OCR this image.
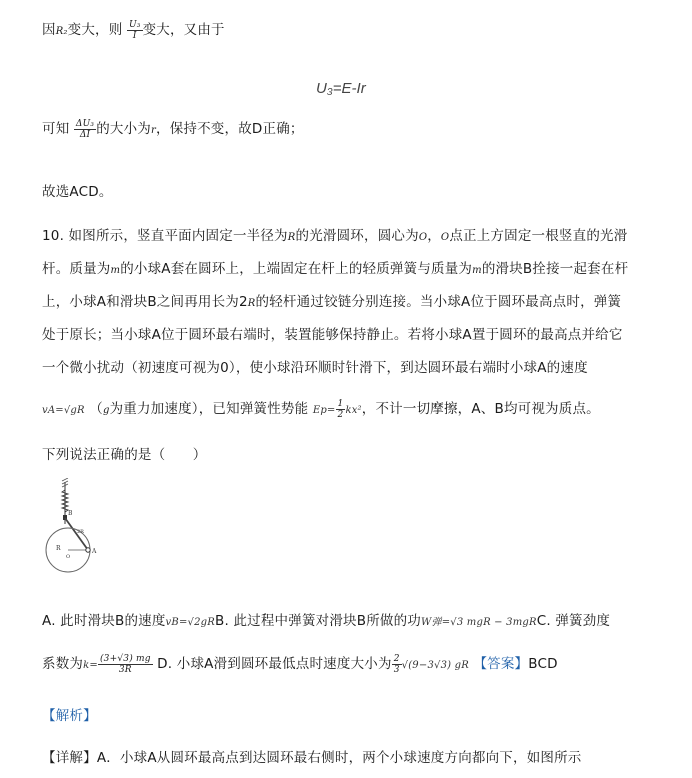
因R₂变大，则 $\frac{\text{U₃}}{I}$ 变大，又由于
U₃=E-Ir
可知 $\frac{\text{ΔU₃}}{\Delta I}$ 的大小为r，保持不变，故D正确；
故选ACD。
10. 如图所示，竖直平面内固定一半径为R的光滑圆环，圆心为O，O点正上方固定一根竖直的光滑
杆。质量为m的小球A套在圆环上，上端固定在杆上的轻质弹簧与质量为m的滑块B拴接一起套在杆
上，小球A和滑块B之间再用长为2R的轻杆通过铰链分别连接。当小球A位于圆环最高点时，弹簧
处于原长；当小球A位于圆环最右端时，装置能够保持静止。若将小球A置于圆环的最高点并给它
一个微小扰动（初速度可视为0），使小球沿环顺时针滑下，到达圆环最右端时小球A的速度
vA=√gR （g为重力加速度），已知弹簧性势能 $Ep= \frac{1}{2} kx^2$，不计一切摩擦，A、B均可视为质点。
下列说法正确的是（　　）
B
2R
R
O
A
A. 此时滑块B的速度vB=√2gRB. 此过程中弹簧对滑块B所做的功W弹=√3 mgR − 3mgRC. 弹簧劲度
系数为$k= \frac{(3+√3) mg}{3R} D$. 小球A滑到圆环最低点时速度大小为 $\frac{2}{3} √(9-3√3)$ gR 【答案】BCD
【解析】
【详解】A．小球A从圆环最高点到达圆环最右侧时，两个小球速度方向都向下，如图所示
